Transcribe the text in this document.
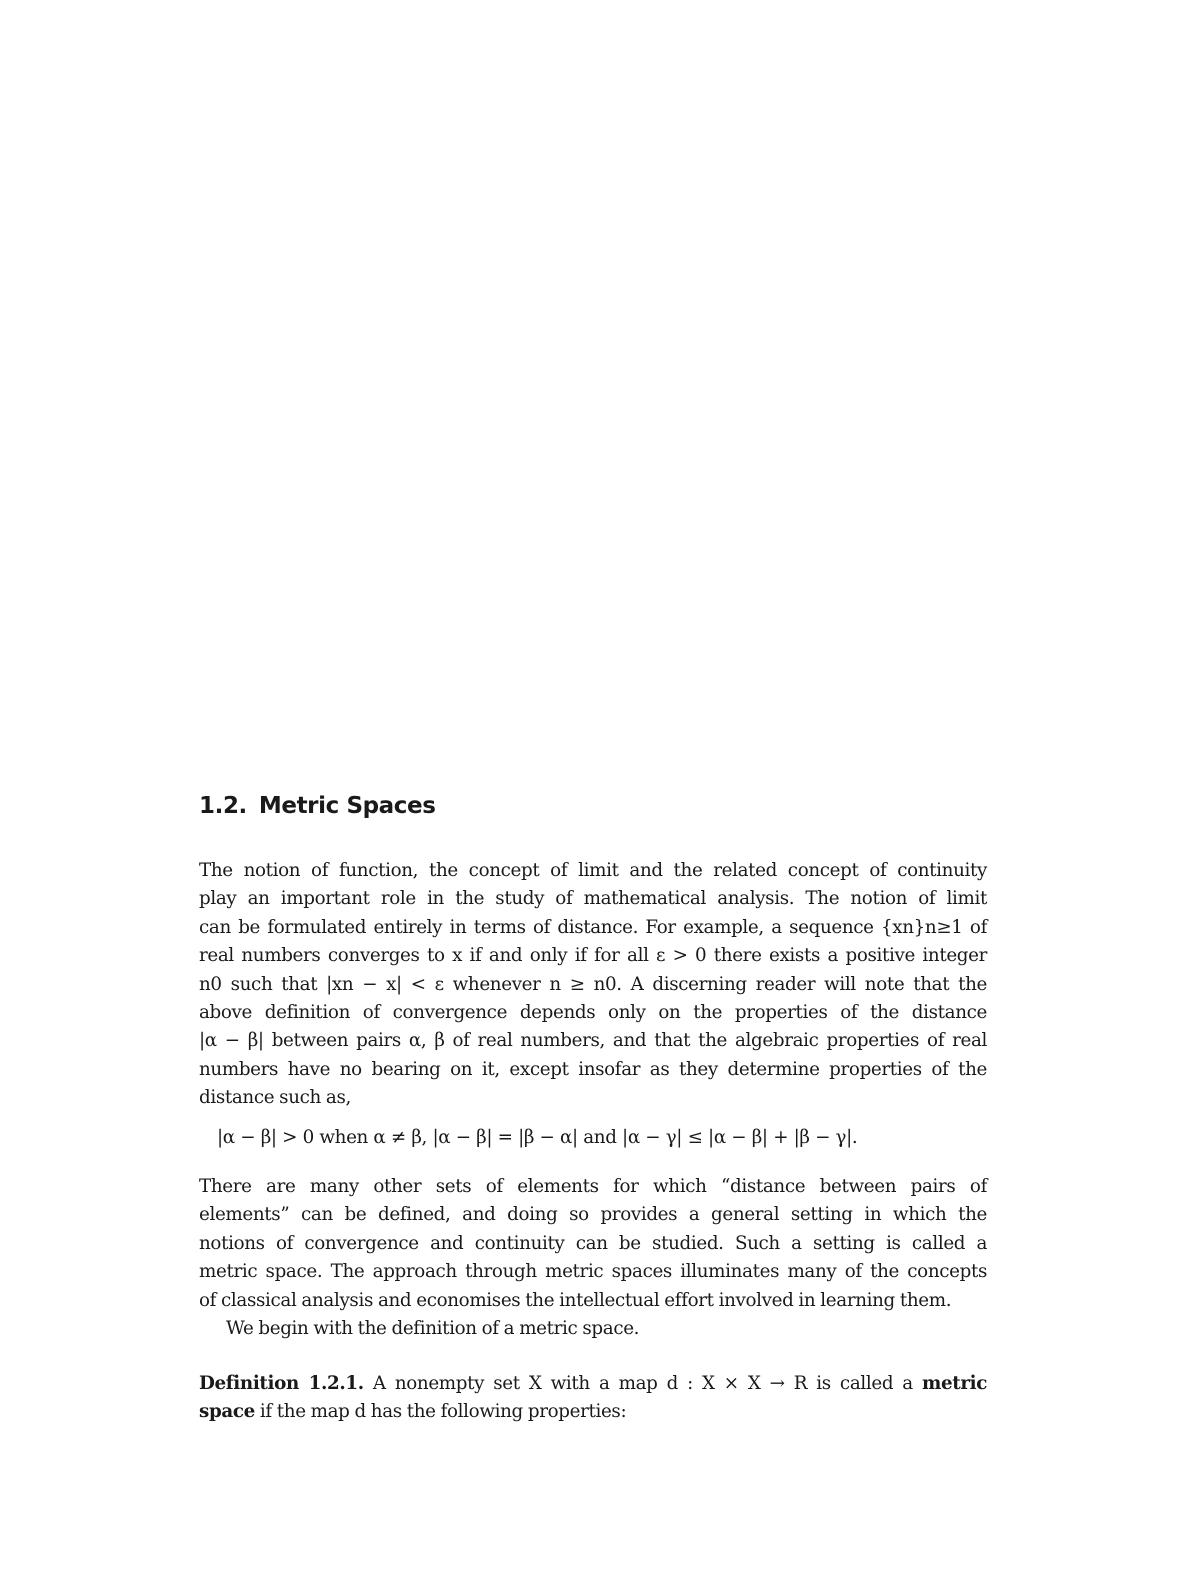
1.2. Metric Spaces
The notion of function, the concept of limit and the related concept of continuity
play an important role in the study of mathematical analysis. The notion of limit
can be formulated entirely in terms of distance. For example, a sequence {xn}n≥1 of
real numbers converges to x if and only if for all ε > 0 there exists a positive integer
n0 such that |xn − x| < ε whenever n ≥ n0. A discerning reader will note that the
above definition of convergence depends only on the properties of the distance
|α − β| between pairs α, β of real numbers, and that the algebraic properties of real
numbers have no bearing on it, except insofar as they determine properties of the
distance such as,
|α − β| > 0 when α ≠ β, |α − β| = |β − α| and |α − γ| ≤ |α − β| + |β − γ|.
There are many other sets of elements for which “distance between pairs of
elements” can be defined, and doing so provides a general setting in which the
notions of convergence and continuity can be studied. Such a setting is called a
metric space. The approach through metric spaces illuminates many of the concepts
of classical analysis and economises the intellectual effort involved in learning them.
We begin with the definition of a metric space.
Definition 1.2.1. A nonempty set X with a map d : X × X → R is called a metric
space if the map d has the following properties:
